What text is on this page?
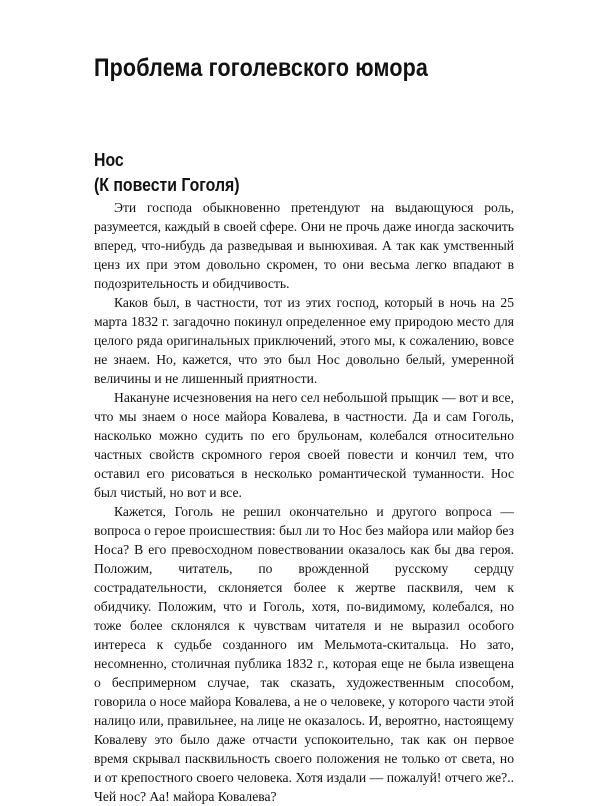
Проблема гоголевского юмора
Нос
(К повести Гоголя)

Эти господа обыкновенно претендуют на выдающуюся роль, разумеется, каждый в своей сфере. Они не прочь даже иногда заскочить вперед, что-нибудь да разведывая и вынюхивая. А так как умственный ценз их при этом довольно скромен, то они весьма легко впадают в подозрительность и обидчивость.

Каков был, в частности, тот из этих господ, который в ночь на 25 марта 1832 г. загадочно покинул определенное ему природою место для целого ряда оригинальных приключений, этого мы, к сожалению, вовсе не знаем. Но, кажется, что это был Нос довольно белый, умеренной величины и не лишенный приятности.

Накануне исчезновения на него сел небольшой прыщик — вот и все, что мы знаем о носе майора Ковалева, в частности. Да и сам Гоголь, насколько можно судить по его брульонам, колебался относительно частных свойств скромного героя своей повести и кончил тем, что оставил его рисоваться в несколько романтической туманности. Нос был чистый, но вот и все.

Кажется, Гоголь не решил окончательно и другого вопроса — вопроса о герое происшествия: был ли то Нос без майора или майор без Носа? В его превосходном повествовании оказалось как бы два героя. Положим, читатель, по врожденной русскому сердцу сострадательности, склоняется более к жертве пасквиля, чем к обидчику. Положим, что и Гоголь, хотя, по-видимому, колебался, но тоже более склонялся к чувствам читателя и не выразил особого интереса к судьбе созданного им Мельмота-скитальца. Но зато, несомненно, столичная публика 1832 г., которая еще не была извещена о беспримерном случае, так сказать, художественным способом, говорила о носе майора Ковалева, а не о человеке, у которого части этой налицо или, правильнее, на лице не оказалось. И, вероятно, настоящему Ковалеву это было даже отчасти успокоительно, так как он первое время скрывал пасквильность своего положения не только от света, но и от крепостного своего человека. Хотя издали — пожалуй! отчего же?.. Чей нос? Аа! майора Ковалева?
